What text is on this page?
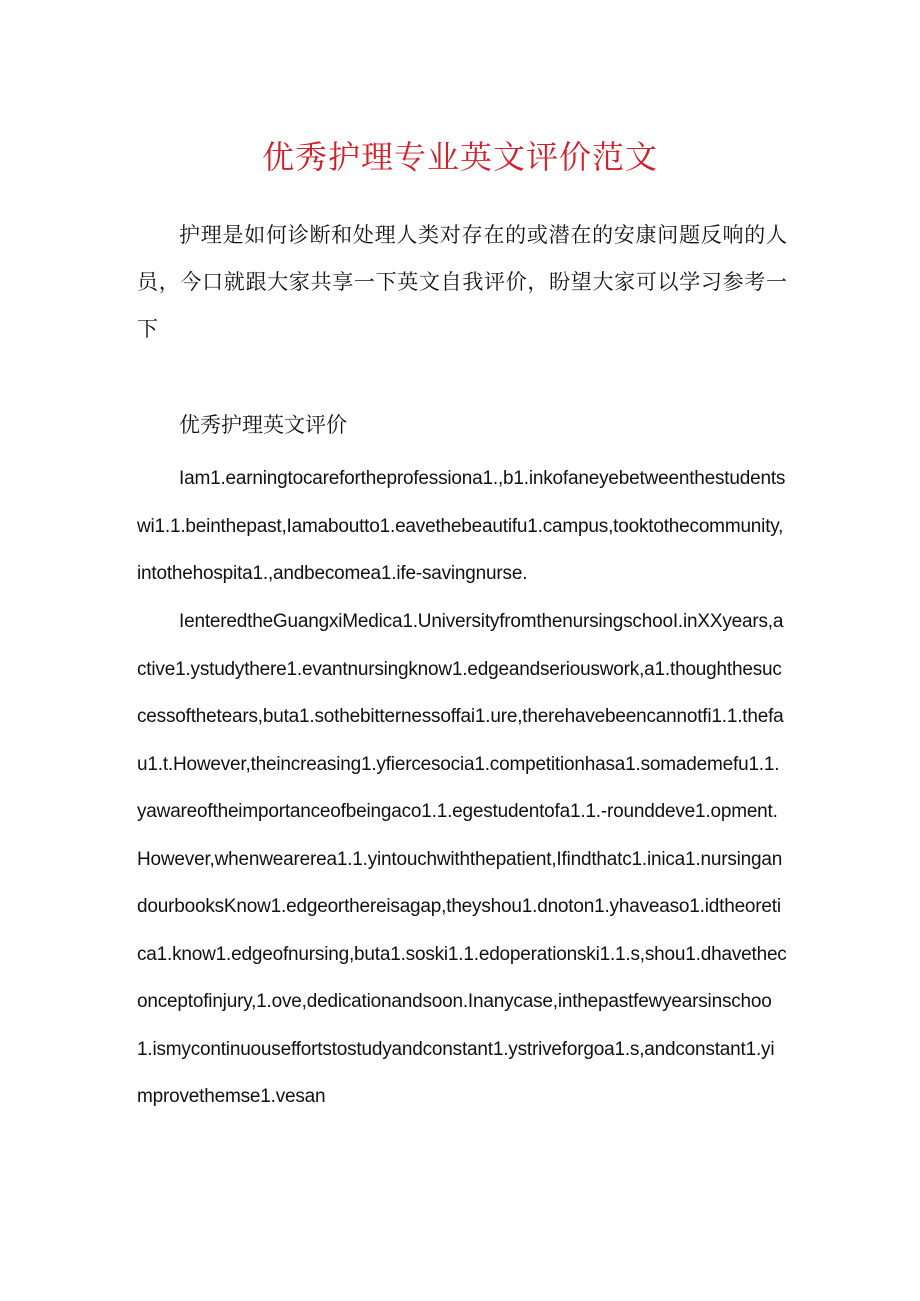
优秀护理专业英文评价范文

护理是如何诊断和处理人类对存在的或潜在的安康问题反响的人员，今口就跟大家共享一下英文自我评价，盼望大家可以学习参考一下

优秀护理英文评价

Iam1.earningtocarefortheprofessiona1.,b1.inkofaneyebetweenthestudentswi1.1.beinthepast,Iamaboutto1.eavethebeautifu1.campus,tooktothecommunity,intothehospita1.,andbecomea1.ife-savingnurse.

IenteredtheGuangxiMedica1.UniversityfromthenursingschooI.inXXyears,active1.ystudythere1.evantnursingknow1.edgeandseriouswork,a1.thoughthesuccessofthetears,buta1.sothebitternessoffai1.ure,therehavebeencannotfi1.1.thefau1.t.However,theincreasing1.yfiercesocia1.competitionhasa1.somademefu1.1.yawareoftheimportanceofbeingaco1.1.egestudentofa1.1.-rounddeve1.opment.However,whenwearerea1.1.yintouchwiththepatient,Ifindthatc1.inica1.nursingandourbooksKnow1.edgeorthereisagap,theyshou1.dnoton1.yhaveaso1.idtheoretica1.know1.edgeofnursing,buta1.soski1.1.edoperationski1.1.s,shou1.dhavetheconceptofinjury,1.ove,dedicationandsoon.Inanycase,inthepastfewyearsinschoo1.ismycontinuouseffortstostudyandconstant1.ystriveforgoa1.s,andconstant1.yimprovethemse1.vesan
